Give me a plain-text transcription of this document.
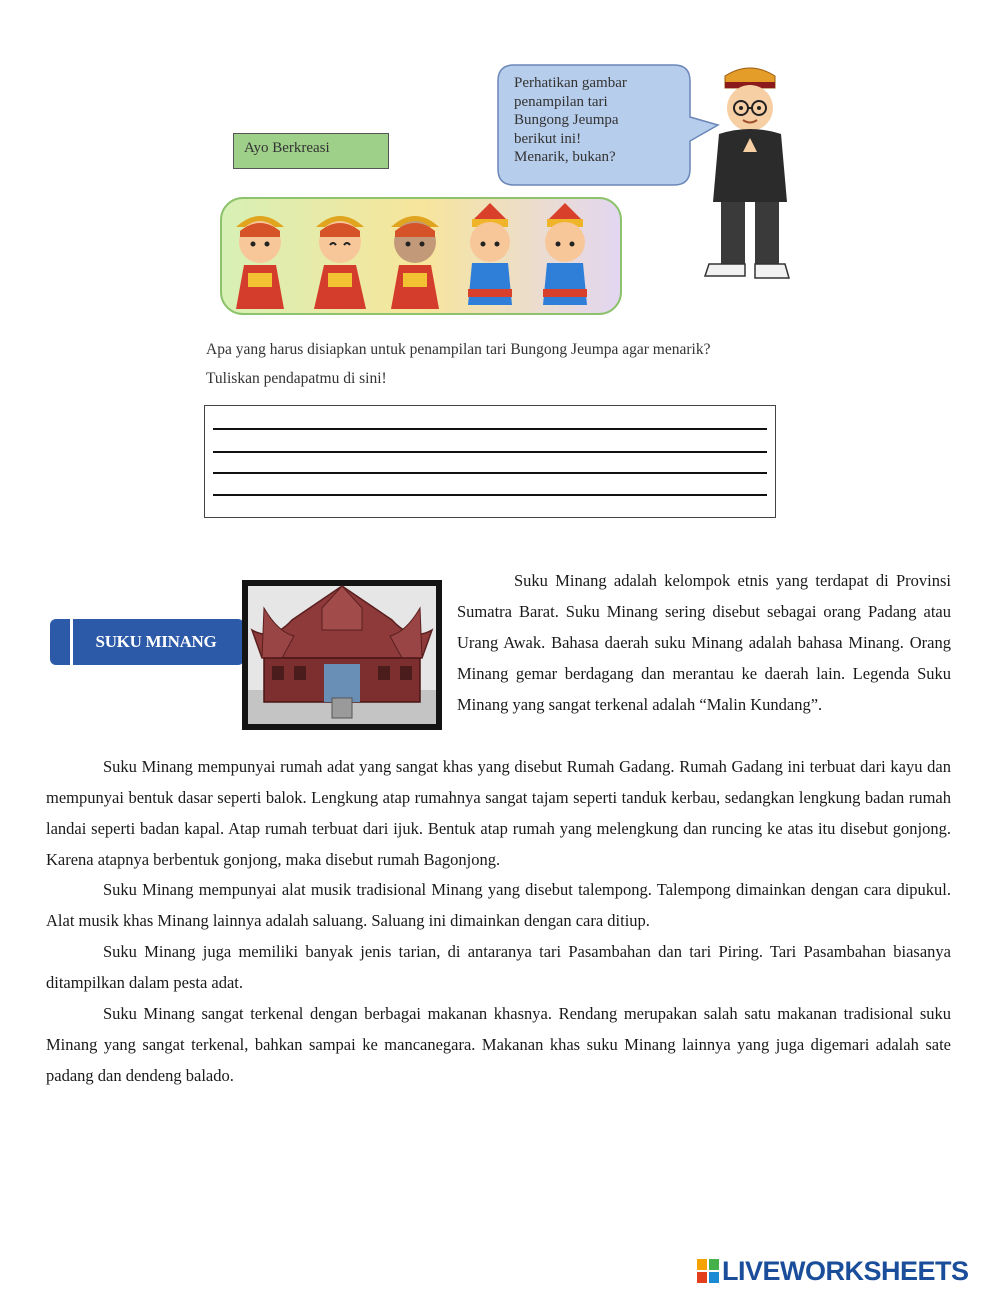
Ayo Berkreasi
Perhatikan gambar
penampilan tari
Bungong Jeumpa
berikut ini!
Menarik, bukan?
Apa yang harus disiapkan untuk penampilan tari Bungong Jeumpa agar menarik? Tuliskan pendapatmu di sini!
SUKU MINANG

Suku Minang adalah kelompok etnis yang terdapat di Provinsi Sumatra Barat. Suku Minang sering disebut sebagai orang Padang atau Urang Awak. Bahasa daerah suku Minang adalah bahasa Minang. Orang Minang gemar berdagang dan merantau ke daerah lain. Legenda Suku Minang yang sangat terkenal adalah “Malin Kundang”.

Suku Minang mempunyai rumah adat yang sangat khas yang disebut Rumah Gadang. Rumah Gadang ini terbuat dari kayu dan mempunyai bentuk dasar seperti balok. Lengkung atap rumahnya sangat tajam seperti tanduk kerbau, sedangkan lengkung badan rumah landai seperti badan kapal. Atap rumah terbuat dari ijuk. Bentuk atap rumah yang melengkung dan runcing ke atas itu disebut gonjong. Karena atapnya berbentuk gonjong, maka disebut rumah Bagonjong.

Suku Minang mempunyai alat musik tradisional Minang yang disebut talempong. Talempong dimainkan dengan cara dipukul. Alat musik khas Minang lainnya adalah saluang. Saluang ini dimainkan dengan cara ditiup.

Suku Minang juga memiliki banyak jenis tarian, di antaranya tari Pasambahan dan tari Piring. Tari Pasambahan biasanya ditampilkan dalam pesta adat.

Suku Minang sangat terkenal dengan berbagai makanan khasnya. Rendang merupakan salah satu makanan tradisional suku Minang yang sangat terkenal, bahkan sampai ke mancanegara. Makanan khas suku Minang lainnya yang juga digemari adalah sate padang dan dendeng balado.

LIVEWORKSHEETS
